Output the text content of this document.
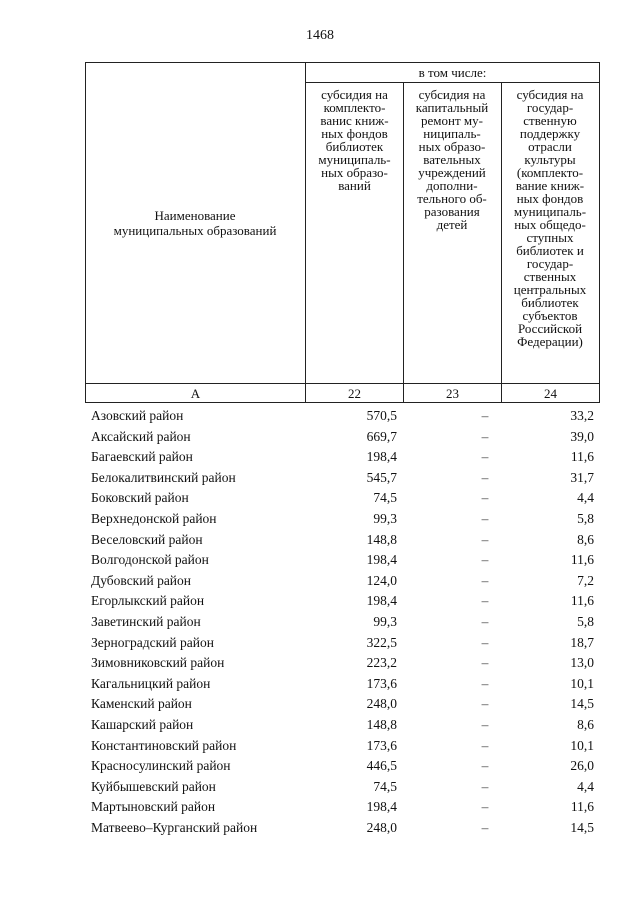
1468
Наименование
муниципальных образований
в том числе:
субсидия на
комплекто-
ванис книж-
ных фондов
библиотек
муниципаль-
ных образо-
ваний
субсидия на
капитальный
ремонт му-
ниципаль-
ных образо-
вательных
учреждений
дополни-
тельного об-
разования
детей
субсидия на
государ-
ственную
поддержку
отрасли
культуры
(комплекто-
вание книж-
ных фондов
муниципаль-
ных общедо-
ступных
библиотек и
государ-
ственных
центральных
библиотек
субъектов
Российской
Федерации)
А	22	23	24
Азовский район	570,5	–	33,2
Аксайский район	669,7	–	39,0
Багаевский район	198,4	–	11,6
Белокалитвинский район	545,7	–	31,7
Боковский район	74,5	–	4,4
Верхнедонской район	99,3	–	5,8
Веселовский район	148,8	–	8,6
Волгодонской район	198,4	–	11,6
Дубовский район	124,0	–	7,2
Егорлыкский район	198,4	–	11,6
Заветинский район	99,3	–	5,8
Зерноградский район	322,5	–	18,7
Зимовниковский район	223,2	–	13,0
Кагальницкий район	173,6	–	10,1
Каменский район	248,0	–	14,5
Кашарский район	148,8	–	8,6
Константиновский район	173,6	–	10,1
Красносулинский район	446,5	–	26,0
Куйбышевский район	74,5	–	4,4
Мартыновский район	198,4	–	11,6
Матвеево–Курганский район	248,0	–	14,5
